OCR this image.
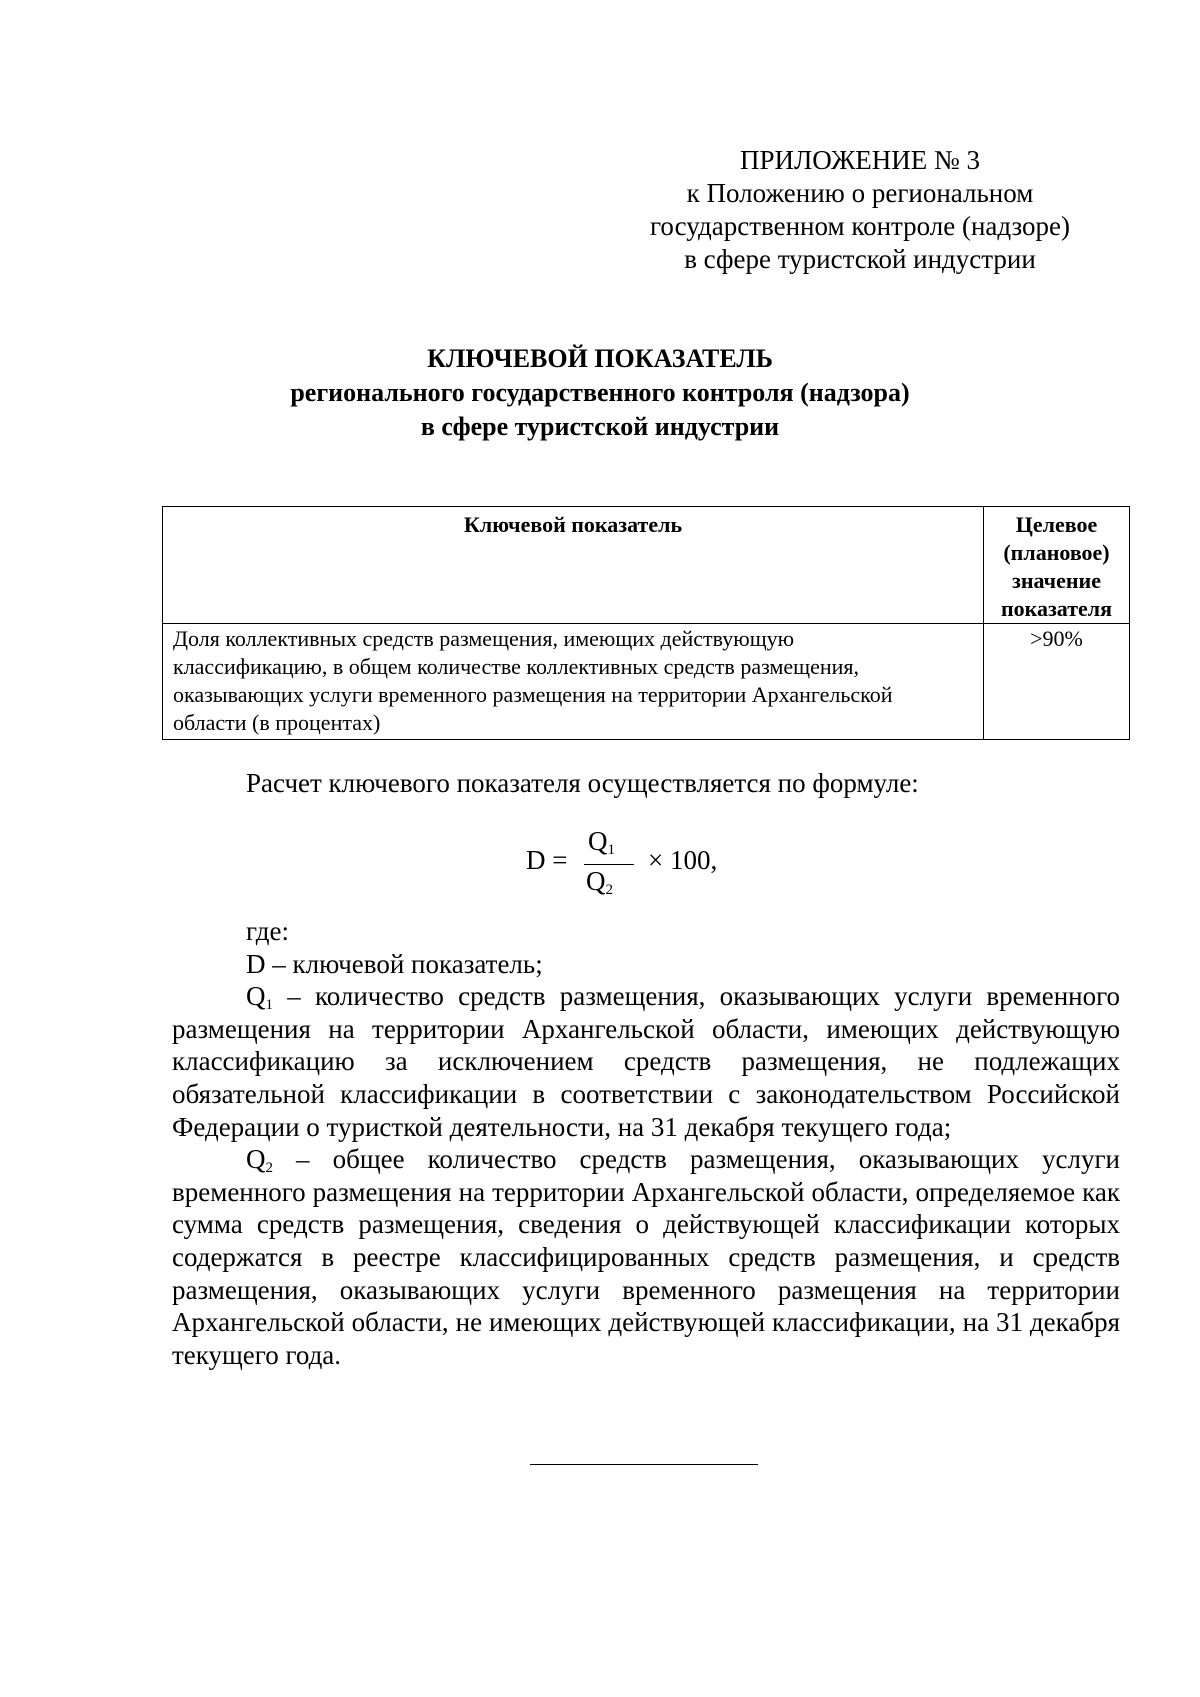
ПРИЛОЖЕНИЕ № 3
к Положению о региональном
государственном контроле (надзоре)
в сфере туристской индустрии
КЛЮЧЕВОЙ ПОКАЗАТЕЛЬ
регионального государственного контроля (надзора)
в сфере туристской индустрии
Ключевой показатель	Целевое
(плановое)
значение
показателя

Доля коллективных средств размещения, имеющих действующую
классификацию, в общем количестве коллективных средств размещения,
оказывающих услуги временного размещения на территории Архангельской
области (в процентах)	>90%
Расчет ключевого показателя осуществляется по формуле:
D =
$Q_1$
$Q_2$
× 100,

где:

D – ключевой показатель;

$Q_1$ – количество средств размещения, оказывающих услуги временного размещения на территории Архангельской области, имеющих действующую классификацию за исключением средств размещения, не подлежащих обязательной классификации в соответствии с законодательством Российской Федерации о туристкой деятельности, на 31 декабря текущего года;

$Q_2$ – общее количество средств размещения, оказывающих услуги временного размещения на территории Архангельской области, определяемое как сумма средств размещения, сведения о действующей классификации которых содержатся в реестре классифицированных средств размещения, и средств размещения, оказывающих услуги временного размещения на территории Архангельской области, не имеющих действующей классификации, на 31 декабря текущего года.
